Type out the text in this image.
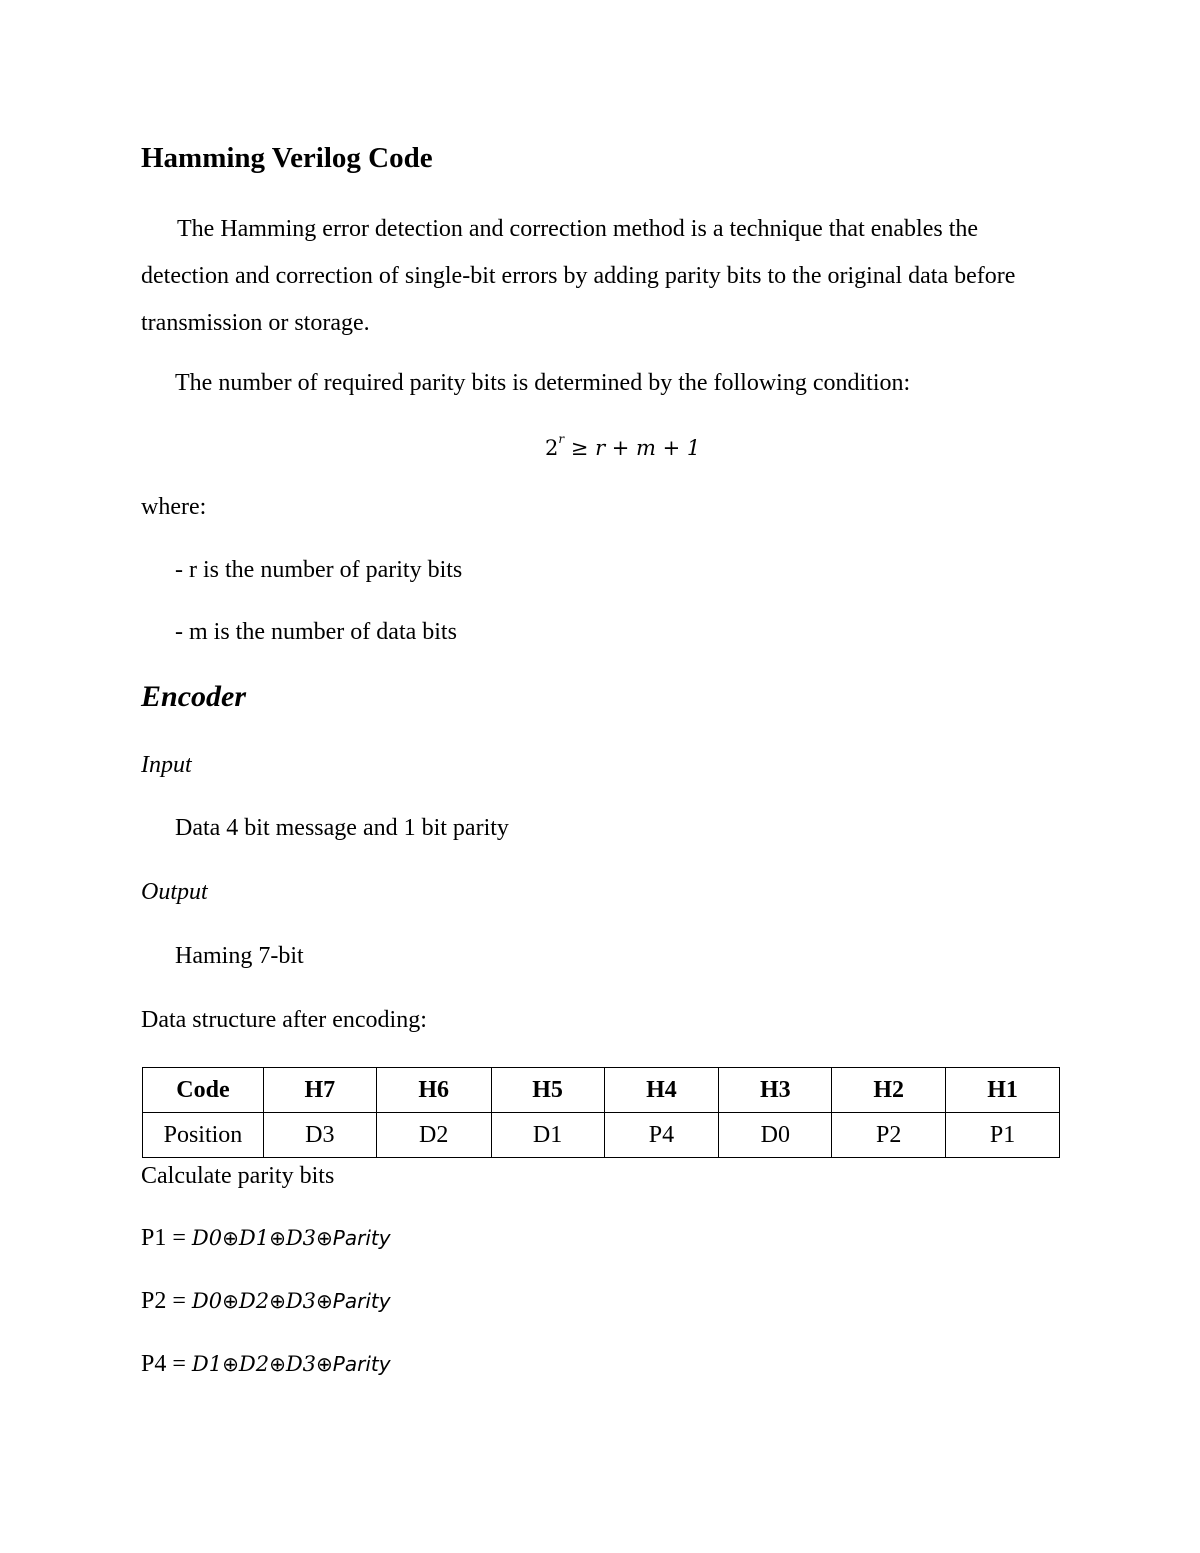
Hamming Verilog Code
The Hamming error detection and correction method is a technique that enables the detection and correction of single-bit errors by adding parity bits to the original data before transmission or storage.
The number of required parity bits is determined by the following condition:
$2^r \ge r + m + 1$
where:
- r is the number of parity bits
- m is the number of data bits
Encoder
Input
Data 4 bit message and 1 bit parity
Output
Haming 7-bit
Data structure after encoding:
Code	H7	H6	H5	H4	H3	H2	H1
Position	D3	D2	D1	P4	D0	P2	P1
Calculate parity bits
P1 = D0⊕D1⊕D3⊕Parity
P2 = D0⊕D2⊕D3⊕Parity
P4 = D1⊕D2⊕D3⊕Parity
